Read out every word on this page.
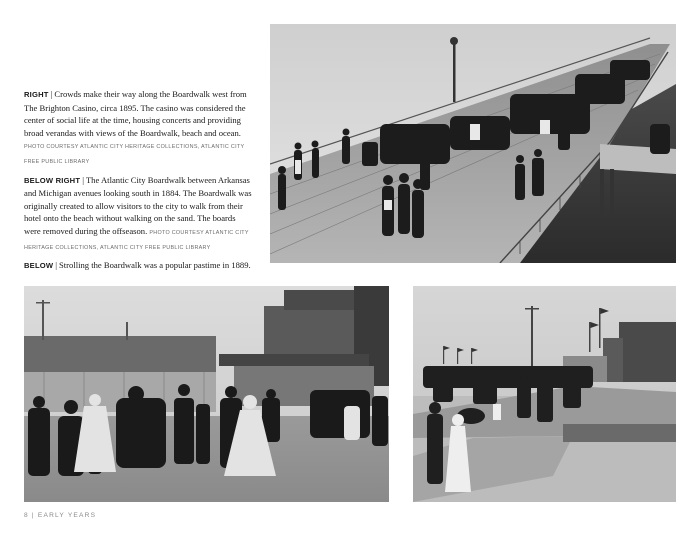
RIGHT | Crowds make their way along the Boardwalk west from The Brighton Casino, circa 1895. The casino was considered the center of social life at the time, housing concerts and providing broad verandas with views of the Boardwalk, beach and ocean. PHOTO COURTESY ATLANTIC CITY HERITAGE COLLECTIONS, ATLANTIC CITY FREE PUBLIC LIBRARY

BELOW RIGHT | The Atlantic City Boardwalk between Arkansas and Michigan avenues looking south in 1884. The Boardwalk was originally created to allow visitors to the city to walk from their hotel onto the beach without walking on the sand. The boards were removed during the offseason. PHOTO COURTESY ATLANTIC CITY HERITAGE COLLECTIONS, ATLANTIC CITY FREE PUBLIC LIBRARY

BELOW | Strolling the Boardwalk was a popular pastime in 1889.

8 | EARLY YEARS
